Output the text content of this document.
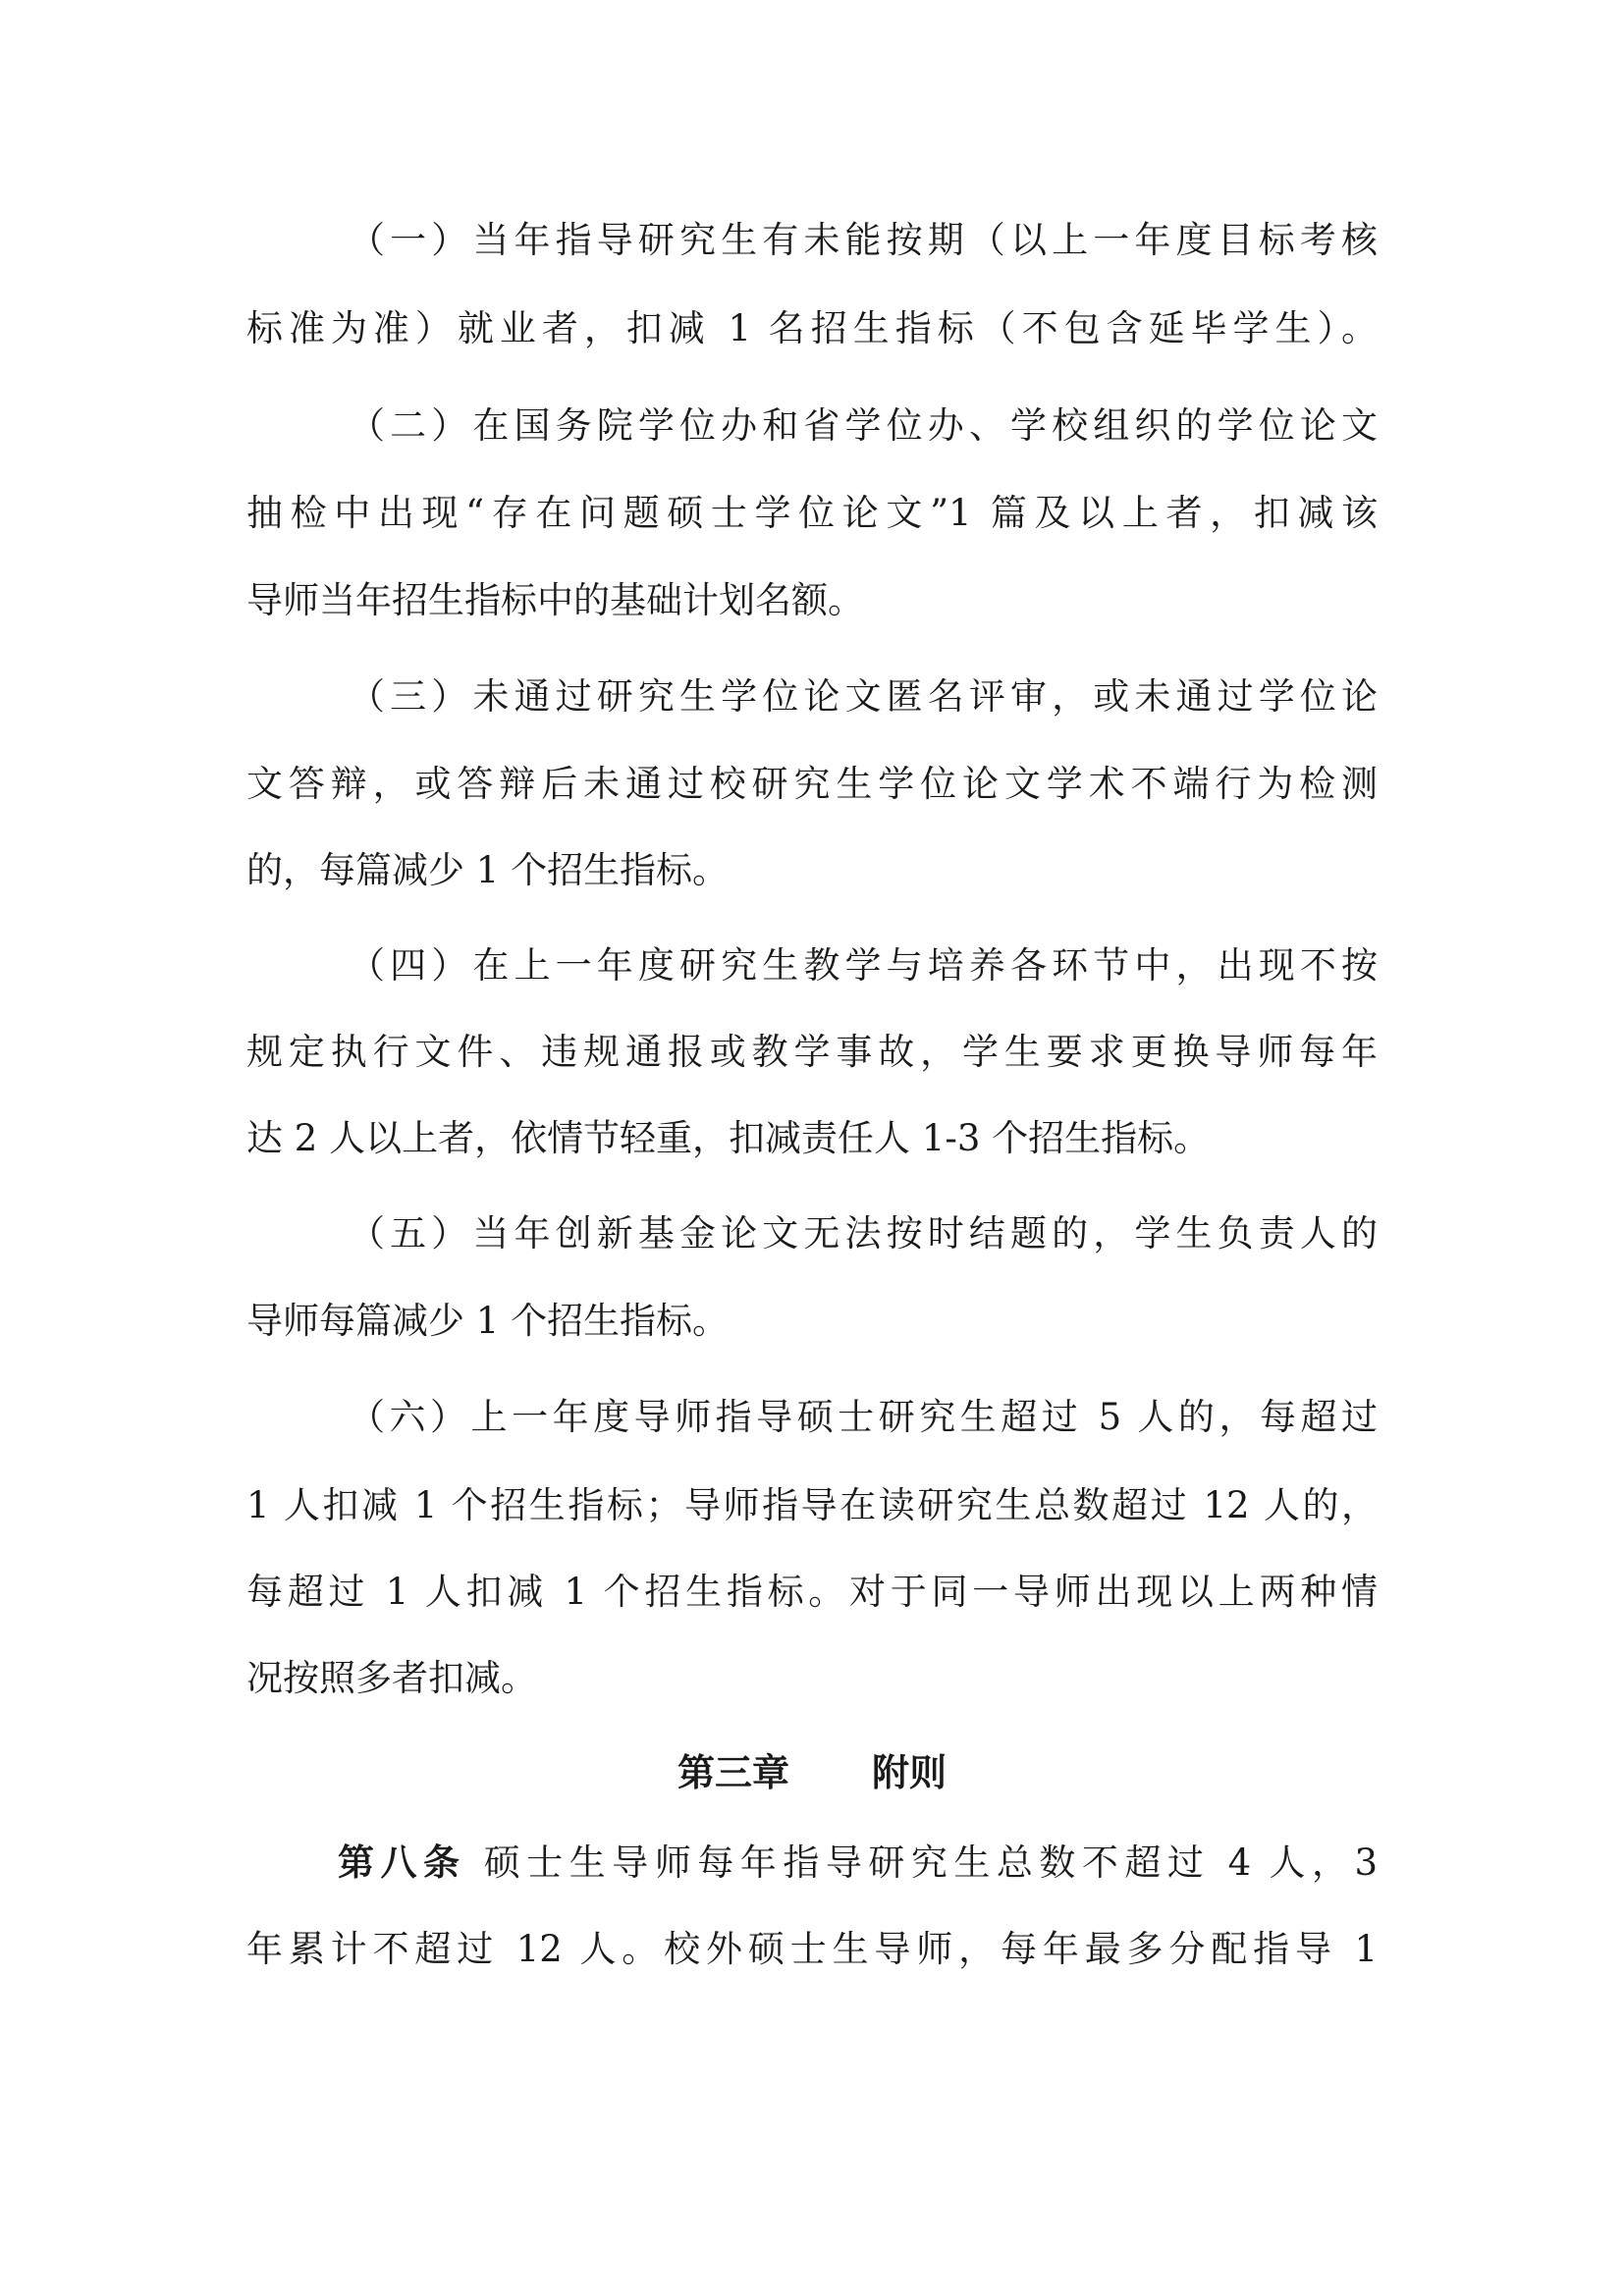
（一）当年指导研究生有未能按期（以上一年度目标考核
标准为准）就业者，扣减 1 名招生指标（不包含延毕学生）。
（二）在国务院学位办和省学位办、学校组织的学位论文
抽检中出现“存在问题硕士学位论文”1 篇及以上者，扣减该
导师当年招生指标中的基础计划名额。
（三）未通过研究生学位论文匿名评审，或未通过学位论
文答辩，或答辩后未通过校研究生学位论文学术不端行为检测
的，每篇减少 1 个招生指标。
（四）在上一年度研究生教学与培养各环节中，出现不按
规定执行文件、违规通报或教学事故，学生要求更换导师每年
达 2 人以上者，依情节轻重，扣减责任人 1-3 个招生指标。
（五）当年创新基金论文无法按时结题的，学生负责人的
导师每篇减少 1 个招生指标。
（六）上一年度导师指导硕士研究生超过 5 人的，每超过
1 人扣减 1 个招生指标；导师指导在读研究生总数超过 12 人的，
每超过 1 人扣减 1 个招生指标。对于同一导师出现以上两种情
况按照多者扣减。
第三章 附则
第八条 硕士生导师每年指导研究生总数不超过 4 人，3
年累计不超过 12 人。校外硕士生导师，每年最多分配指导 1
